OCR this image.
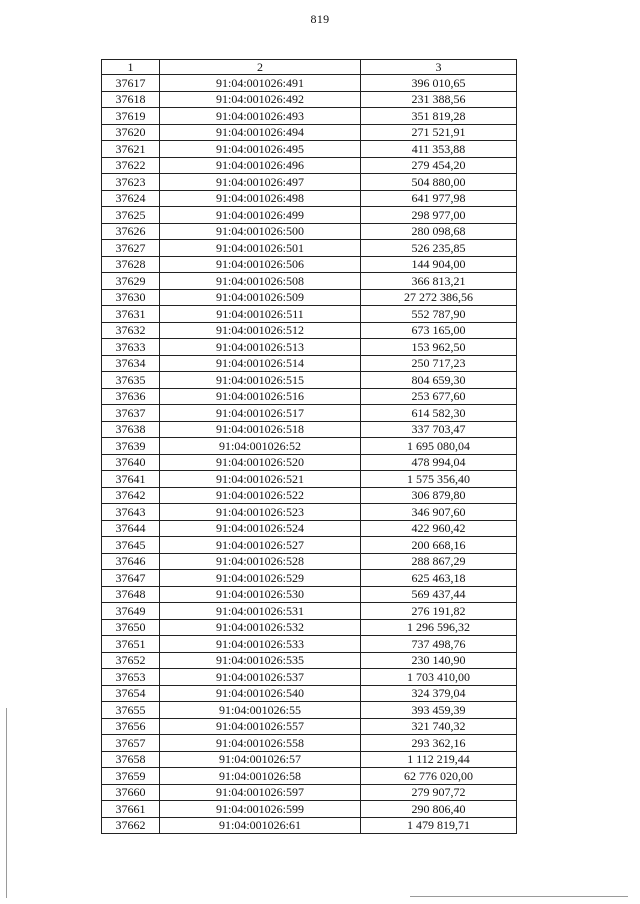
819
1	2	3
37617	91:04:001026:491	396 010,65
37618	91:04:001026:492	231 388,56
37619	91:04:001026:493	351 819,28
37620	91:04:001026:494	271 521,91
37621	91:04:001026:495	411 353,88
37622	91:04:001026:496	279 454,20
37623	91:04:001026:497	504 880,00
37624	91:04:001026:498	641 977,98
37625	91:04:001026:499	298 977,00
37626	91:04:001026:500	280 098,68
37627	91:04:001026:501	526 235,85
37628	91:04:001026:506	144 904,00
37629	91:04:001026:508	366 813,21
37630	91:04:001026:509	27 272 386,56
37631	91:04:001026:511	552 787,90
37632	91:04:001026:512	673 165,00
37633	91:04:001026:513	153 962,50
37634	91:04:001026:514	250 717,23
37635	91:04:001026:515	804 659,30
37636	91:04:001026:516	253 677,60
37637	91:04:001026:517	614 582,30
37638	91:04:001026:518	337 703,47
37639	91:04:001026:52	1 695 080,04
37640	91:04:001026:520	478 994,04
37641	91:04:001026:521	1 575 356,40
37642	91:04:001026:522	306 879,80
37643	91:04:001026:523	346 907,60
37644	91:04:001026:524	422 960,42
37645	91:04:001026:527	200 668,16
37646	91:04:001026:528	288 867,29
37647	91:04:001026:529	625 463,18
37648	91:04:001026:530	569 437,44
37649	91:04:001026:531	276 191,82
37650	91:04:001026:532	1 296 596,32
37651	91:04:001026:533	737 498,76
37652	91:04:001026:535	230 140,90
37653	91:04:001026:537	1 703 410,00
37654	91:04:001026:540	324 379,04
37655	91:04:001026:55	393 459,39
37656	91:04:001026:557	321 740,32
37657	91:04:001026:558	293 362,16
37658	91:04:001026:57	1 112 219,44
37659	91:04:001026:58	62 776 020,00
37660	91:04:001026:597	279 907,72
37661	91:04:001026:599	290 806,40
37662	91:04:001026:61	1 479 819,71
